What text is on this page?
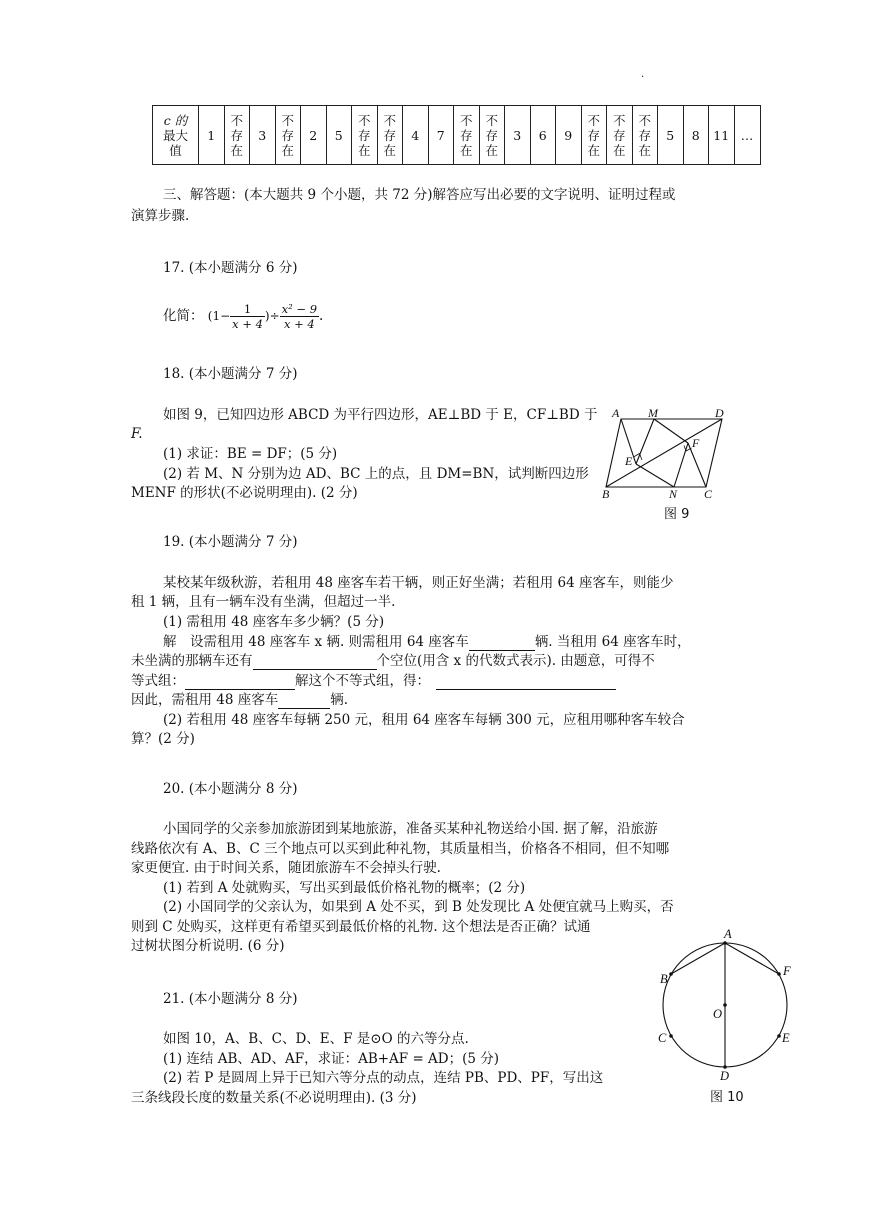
.
c 的
最大
值	1	不
存
在	3	不
存
在	2	5	不
存
在	不
存
在	4	7	不
存
在	不
存
在	3	6	9	不
存
在	不
存
在	不
存
在	5	8	11	…
三、解答题：(本大题共 9 个小题，共 72 分)解答应写出必要的文字说明、证明过程或
演算步骤.
17. (本小题满分 6 分)
化简： ($1- \frac{1}{x + 4}$ )÷ $\frac{\text{x² − 9}}{x + 4}$ .
18. (本小题满分 7 分)
如图 9，已知四边形 ABCD 为平行四边形，AE⊥BD 于 E，CF⊥BD 于
F.
(1) 求证：BE = DF；(5 分)
(2) 若 M、N 分别为边 AD、BC 上的点，且 DM=BN，试判断四边形
MENF 的形状(不必说明理由). (2 分)
A M	D
F
E
B	N C
图 9
19. (本小题满分 7 分)
某校某年级秋游，若租用 48 座客车若干辆，则正好坐满；若租用 64 座客车，则能少
租 1 辆，且有一辆车没有坐满，但超过一半.
(1) 需租用 48 座客车多少辆？(5 分)
解　设需租用 48 座客车 x 辆. 则需租用 64 座客车	辆. 当租用 64 座客车时，
未坐满的那辆车还有	个空位(用含 x 的代数式表示). 由题意，可得不
等式组：	解这个不等式组，得：
因此，需租用 48 座客车	辆.
(2) 若租用 48 座客车每辆 250 元，租用 64 座客车每辆 300 元，应租用哪种客车较合
算？(2 分)
20. (本小题满分 8 分)
小国同学的父亲参加旅游团到某地旅游，准备买某种礼物送给小国. 据了解，沿旅游
线路依次有 A、B、C 三个地点可以买到此种礼物，其质量相当，价格各不相同，但不知哪
家更便宜. 由于时间关系，随团旅游车不会掉头行驶.
(1) 若到 A 处就购买，写出买到最低价格礼物的概率；(2 分)
(2) 小国同学的父亲认为，如果到 A 处不买，到 B 处发现比 A 处便宜就马上购买，否
则到 C 处购买，这样更有希望买到最低价格的礼物. 这个想法是否正确？试通
过树状图分析说明. (6 分)
21. (本小题满分 8 分)
如图 10，A、B、C、D、E、F 是⊙O 的六等分点.
(1) 连结 AB、AD、AF，求证：AB+AF = AD；(5 分)
(2) 若 P 是圆周上异于已知六等分点的动点，连结 PB、PD、PF，写出这
三条线段长度的数量关系(不必说明理由). (3 分)
A
B
F
O
C	E
D
图 10
